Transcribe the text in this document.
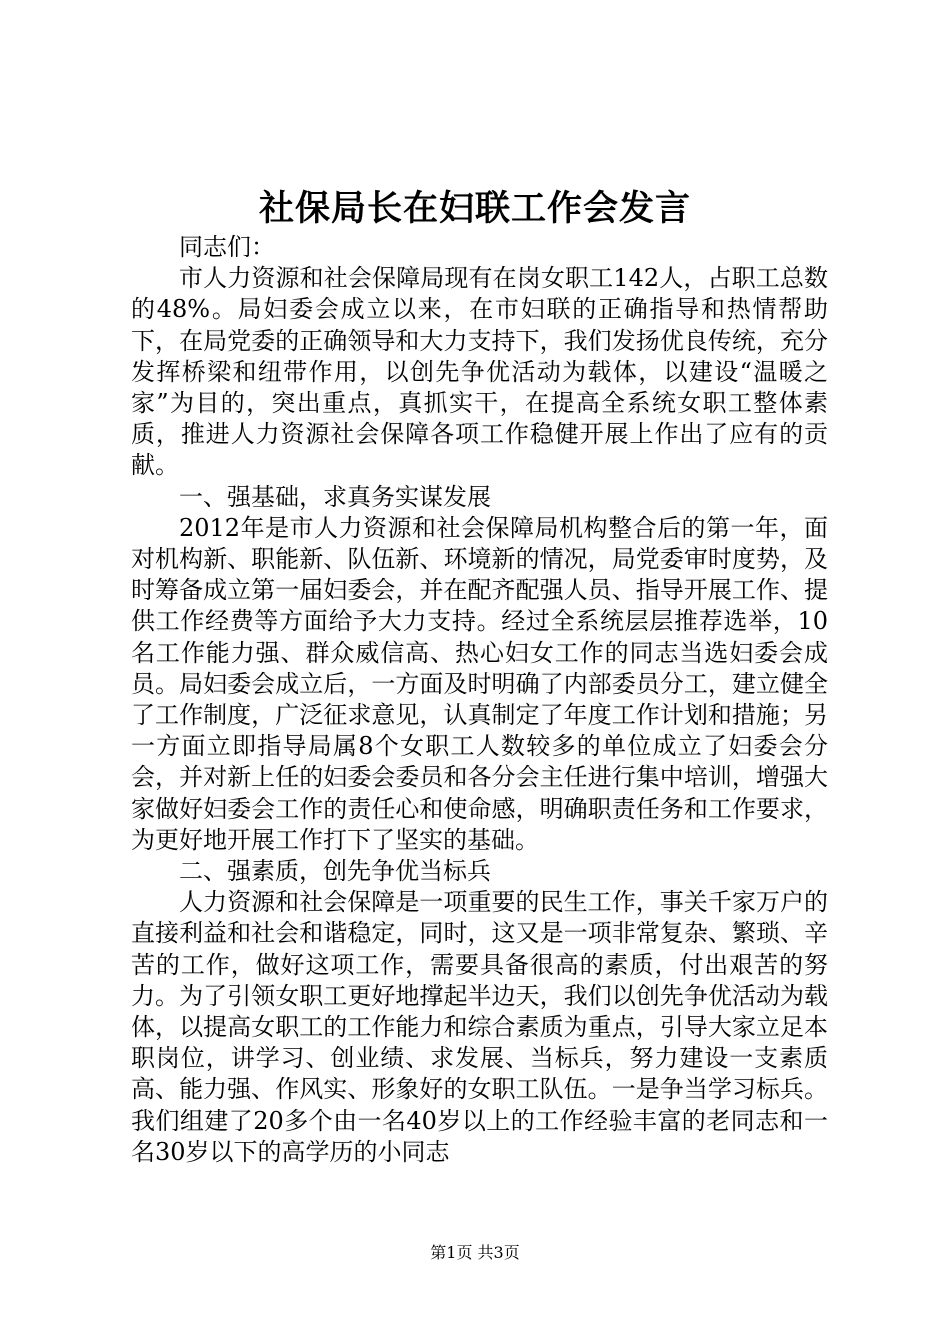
社保局长在妇联工作会发言

同志们：

市人力资源和社会保障局现有在岗女职工142人，占职工总数的48%。局妇委会成立以来，在市妇联的正确指导和热情帮助下，在局党委的正确领导和大力支持下，我们发扬优良传统，充分发挥桥梁和纽带作用，以创先争优活动为载体，以建设“温暖之家”为目的，突出重点，真抓实干，在提高全系统女职工整体素质，推进人力资源社会保障各项工作稳健开展上作出了应有的贡献。

一、强基础，求真务实谋发展

2012年是市人力资源和社会保障局机构整合后的第一年，面对机构新、职能新、队伍新、环境新的情况，局党委审时度势，及时筹备成立第一届妇委会，并在配齐配强人员、指导开展工作、提供工作经费等方面给予大力支持。经过全系统层层推荐选举，10名工作能力强、群众威信高、热心妇女工作的同志当选妇委会成员。局妇委会成立后，一方面及时明确了内部委员分工，建立健全了工作制度，广泛征求意见，认真制定了年度工作计划和措施；另一方面立即指导局属8个女职工人数较多的单位成立了妇委会分会，并对新上任的妇委会委员和各分会主任进行集中培训，增强大家做好妇委会工作的责任心和使命感，明确职责任务和工作要求，为更好地开展工作打下了坚实的基础。

二、强素质，创先争优当标兵

人力资源和社会保障是一项重要的民生工作，事关千家万户的直接利益和社会和谐稳定，同时，这又是一项非常复杂、繁琐、辛苦的工作，做好这项工作，需要具备很高的素质，付出艰苦的努力。为了引领女职工更好地撑起半边天，我们以创先争优活动为载体，以提高女职工的工作能力和综合素质为重点，引导大家立足本职岗位，讲学习、创业绩、求发展、当标兵，努力建设一支素质高、能力强、作风实、形象好的女职工队伍。一是争当学习标兵。我们组建了20多个由一名40岁以上的工作经验丰富的老同志和一名30岁以下的高学历的小同志

第1页 共3页
